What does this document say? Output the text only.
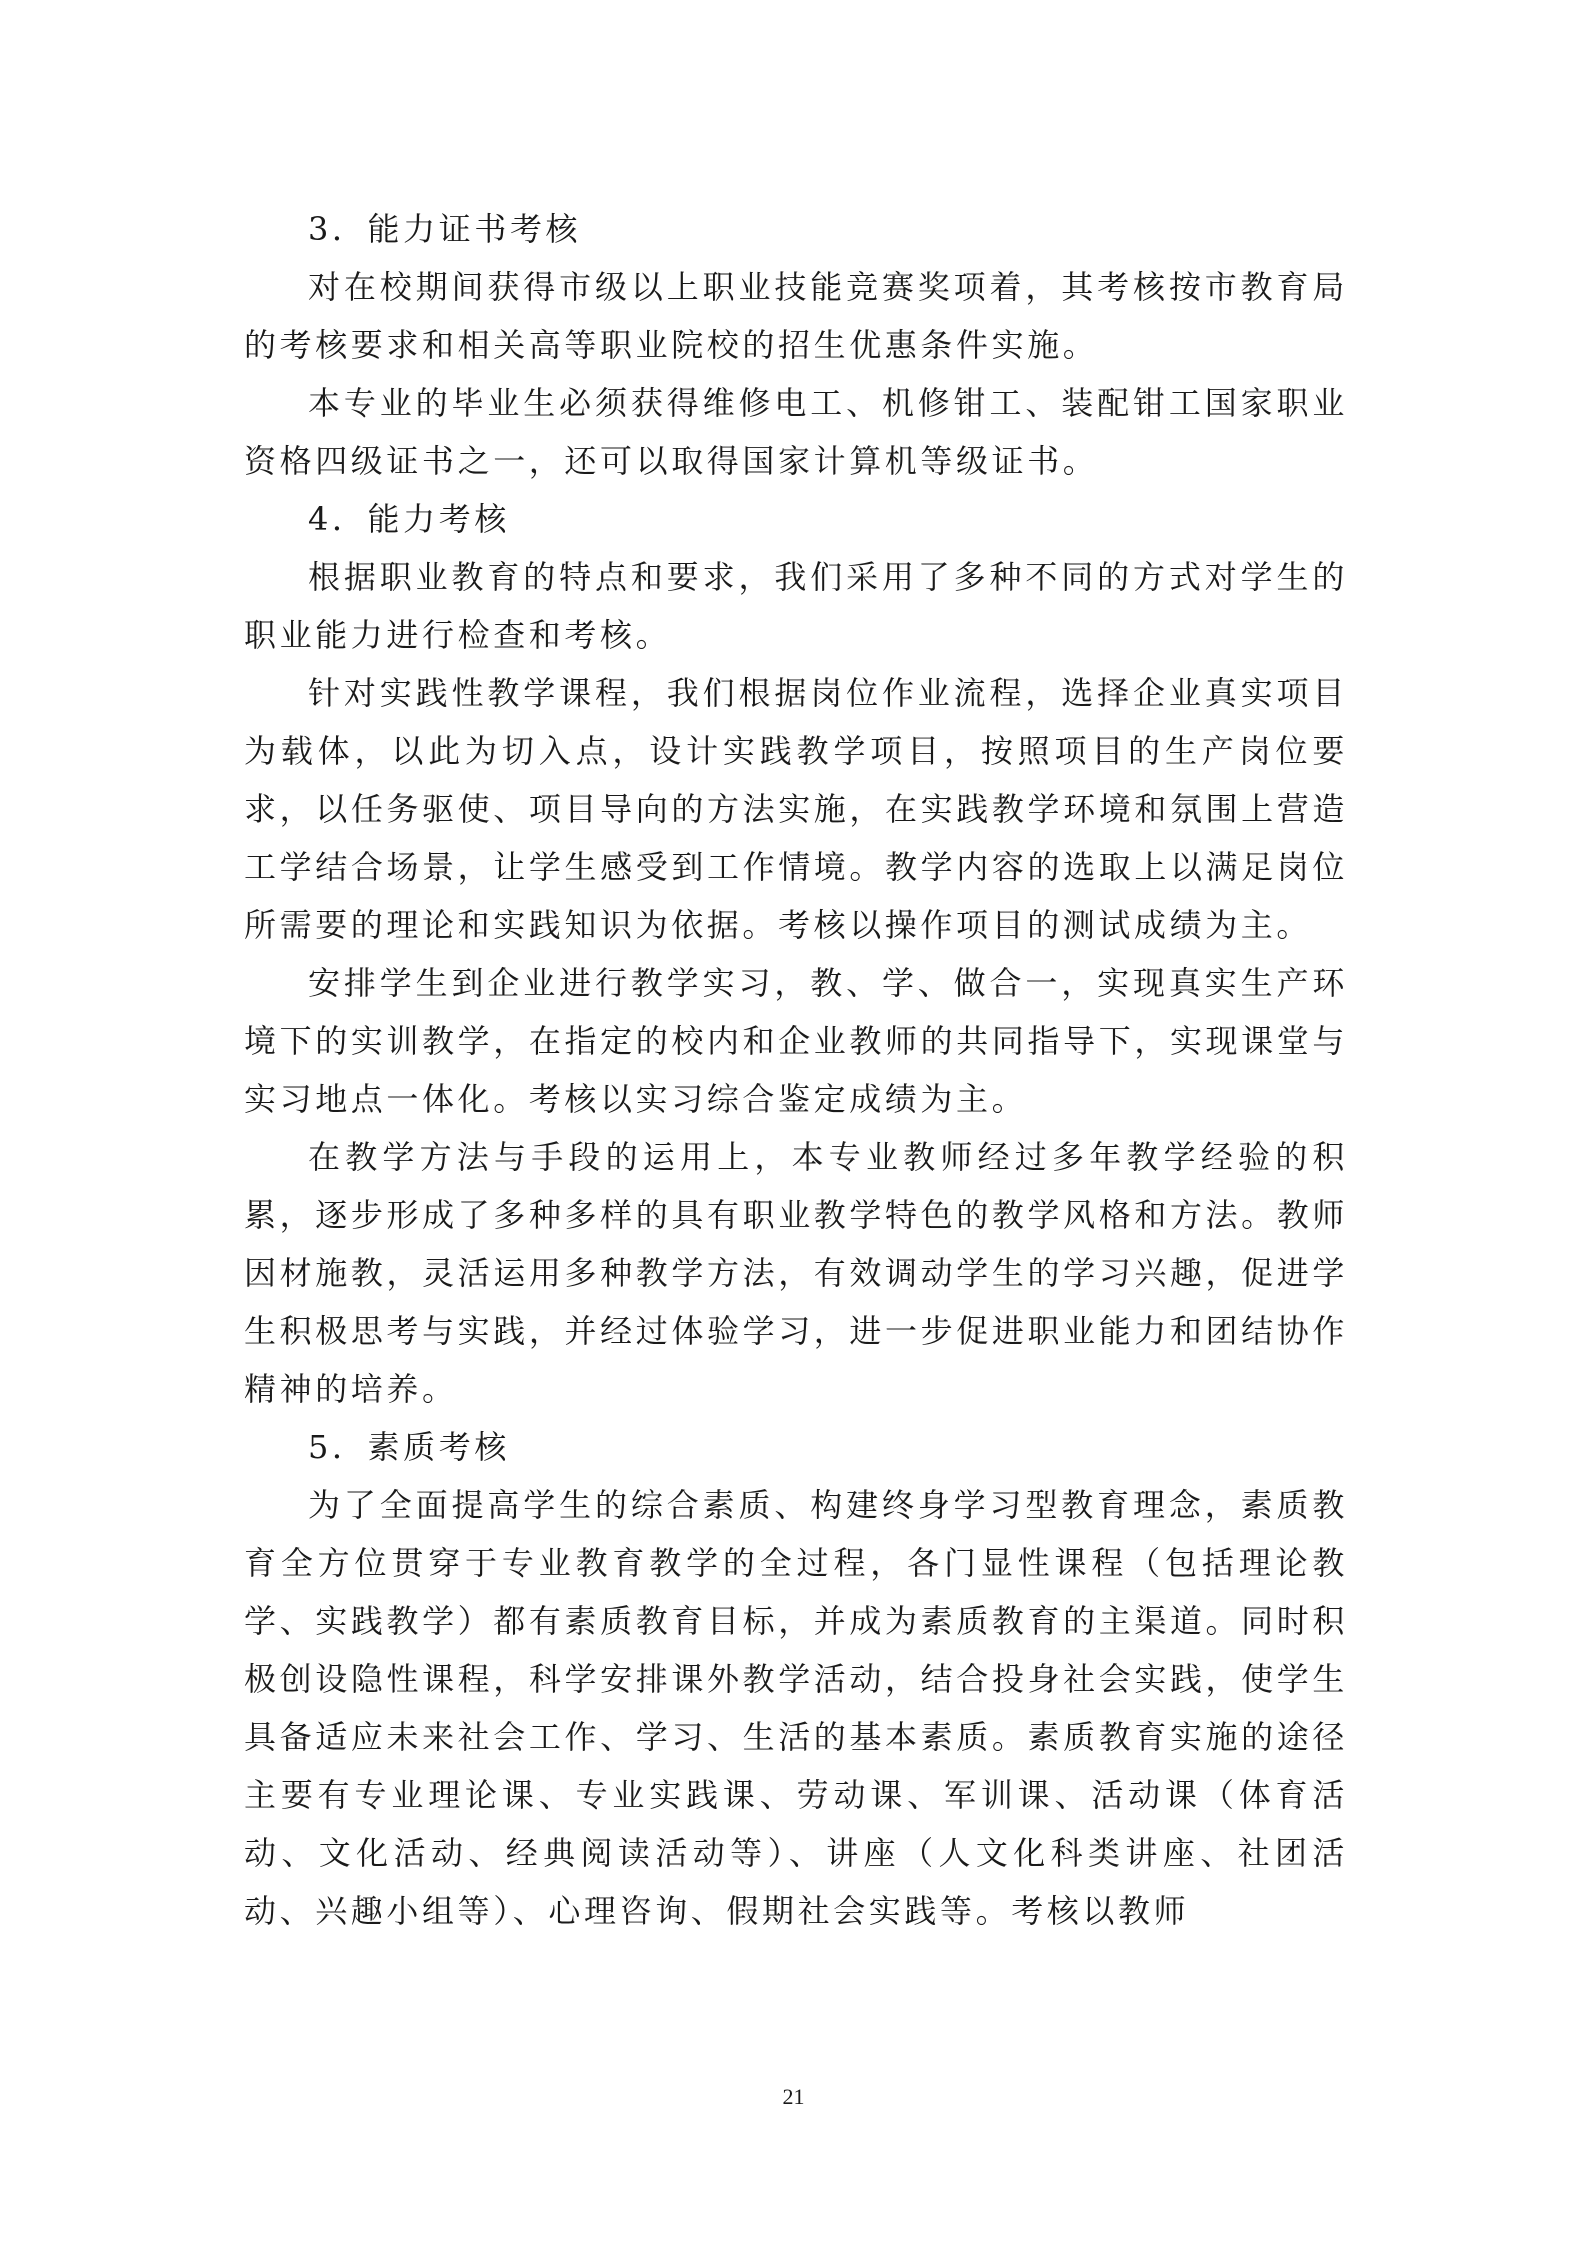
3．能力证书考核

对在校期间获得市级以上职业技能竞赛奖项着，其考核按市教育局的考核要求和相关高等职业院校的招生优惠条件实施。

本专业的毕业生必须获得维修电工、机修钳工、装配钳工国家职业资格四级证书之一，还可以取得国家计算机等级证书。

4．能力考核

根据职业教育的特点和要求，我们采用了多种不同的方式对学生的职业能力进行检查和考核。

针对实践性教学课程，我们根据岗位作业流程，选择企业真实项目为载体，以此为切入点，设计实践教学项目，按照项目的生产岗位要求，以任务驱使、项目导向的方法实施，在实践教学环境和氛围上营造工学结合场景，让学生感受到工作情境。教学内容的选取上以满足岗位所需要的理论和实践知识为依据。考核以操作项目的测试成绩为主。

安排学生到企业进行教学实习，教、学、做合一，实现真实生产环境下的实训教学，在指定的校内和企业教师的共同指导下，实现课堂与实习地点一体化。考核以实习综合鉴定成绩为主。

在教学方法与手段的运用上，本专业教师经过多年教学经验的积累，逐步形成了多种多样的具有职业教学特色的教学风格和方法。教师因材施教，灵活运用多种教学方法，有效调动学生的学习兴趣，促进学生积极思考与实践，并经过体验学习，进一步促进职业能力和团结协作精神的培养。

5．素质考核

为了全面提高学生的综合素质、构建终身学习型教育理念，素质教育全方位贯穿于专业教育教学的全过程，各门显性课程（包括理论教学、实践教学）都有素质教育目标，并成为素质教育的主渠道。同时积极创设隐性课程，科学安排课外教学活动，结合投身社会实践，使学生具备适应未来社会工作、学习、生活的基本素质。素质教育实施的途径主要有专业理论课、专业实践课、劳动课、军训课、活动课（体育活动、文化活动、经典阅读活动等）、讲座（人文化科类讲座、社团活动、兴趣小组等）、心理咨询、假期社会实践等。考核以教师

21
